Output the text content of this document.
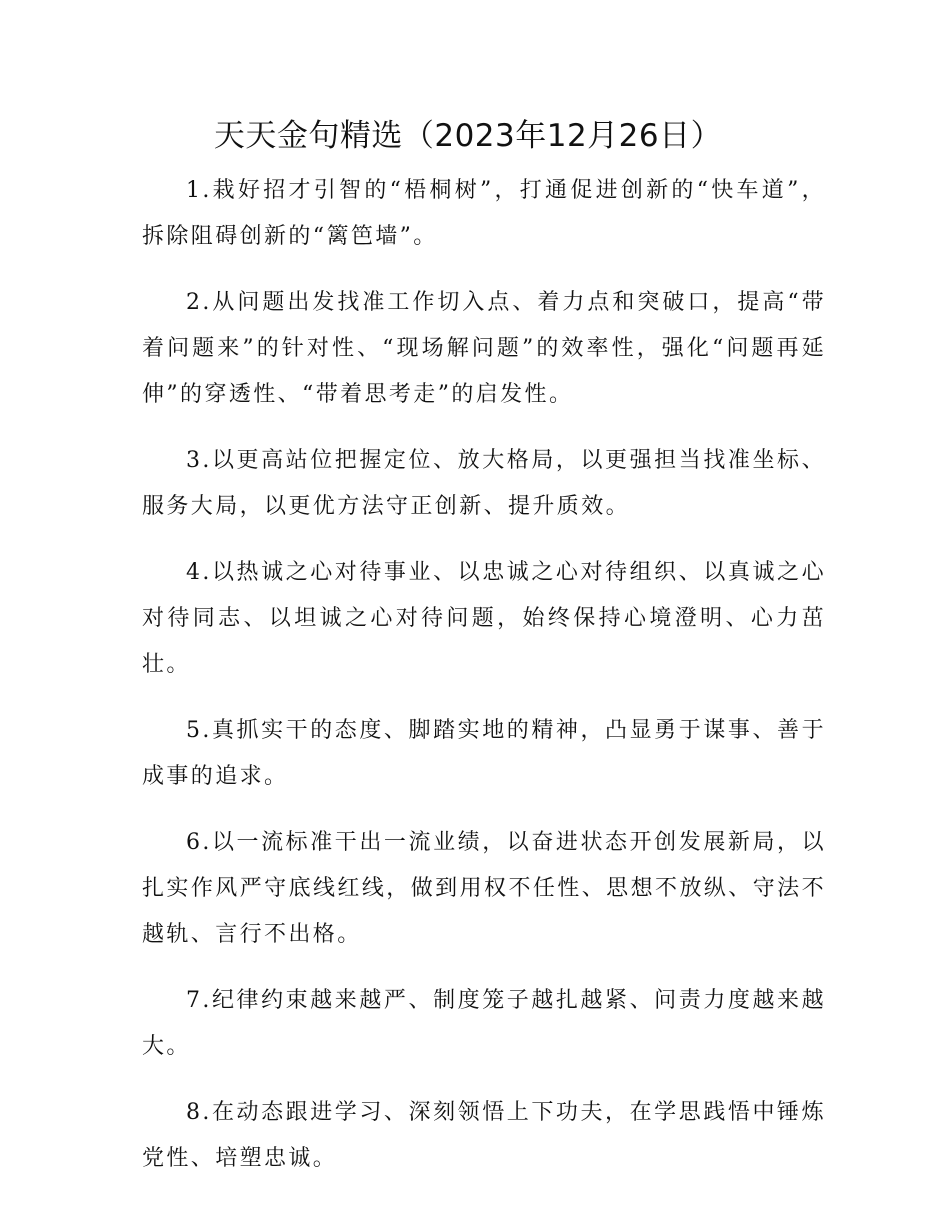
天天金句精选（2023年12月26日）

1.栽好招才引智的“梧桐树”，打通促进创新的“快车道”，拆除阻碍创新的“篱笆墙”。

2.从问题出发找准工作切入点、着力点和突破口，提高“带着问题来”的针对性、“现场解问题”的效率性，强化“问题再延伸”的穿透性、“带着思考走”的启发性。

3.以更高站位把握定位、放大格局，以更强担当找准坐标、服务大局，以更优方法守正创新、提升质效。

4.以热诚之心对待事业、以忠诚之心对待组织、以真诚之心对待同志、以坦诚之心对待问题，始终保持心境澄明、心力茁壮。

5.真抓实干的态度、脚踏实地的精神，凸显勇于谋事、善于成事的追求。

6.以一流标准干出一流业绩，以奋进状态开创发展新局，以扎实作风严守底线红线，做到用权不任性、思想不放纵、守法不越轨、言行不出格。

7.纪律约束越来越严、制度笼子越扎越紧、问责力度越来越大。

8.在动态跟进学习、深刻领悟上下功夫，在学思践悟中锤炼党性、培塑忠诚。
